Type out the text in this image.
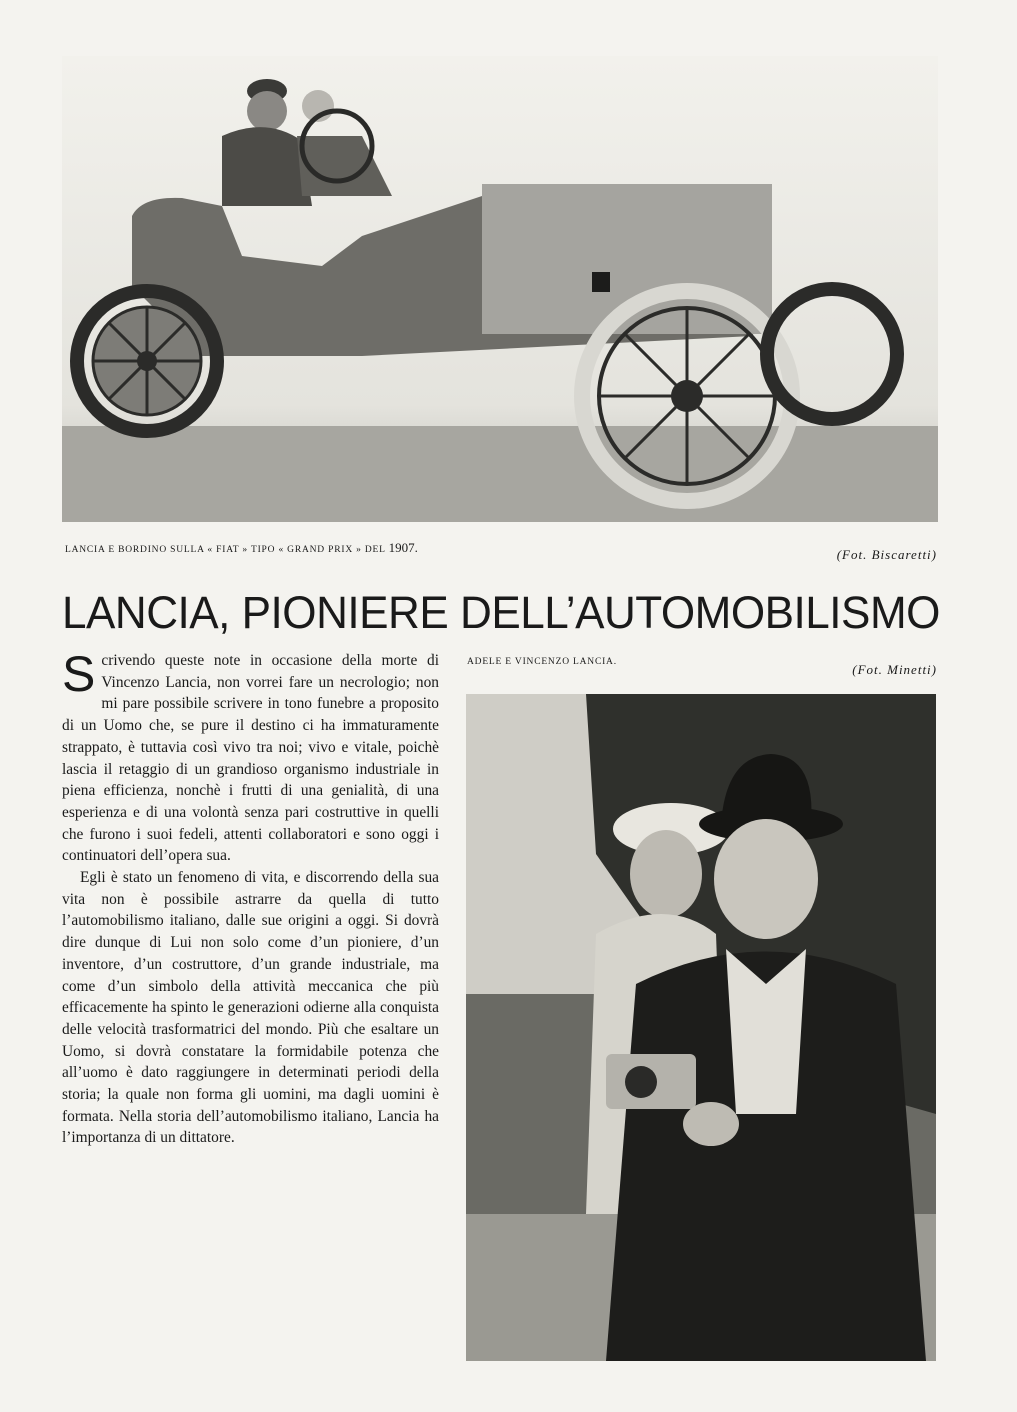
LANCIA E BORDINO SULLA « FIAT » TIPO « GRAND PRIX » DEL 1907.	(Fot. Biscaretti)
LANCIA, PIONIERE DELL’AUTOMOBILISMO

Scrivendo queste note in occasione della morte di Vincenzo Lancia, non vorrei fare un necrologio; non mi pare possibile scrivere in tono funebre a proposito di un Uomo che, se pure il destino ci ha immaturamente strappato, è tuttavia così vivo tra noi; vivo e vitale, poichè lascia il retaggio di un grandioso organismo industriale in piena efficienza, nonchè i frutti di una genialità, di una esperienza e di una volontà senza pari costruttive in quelli che furono i suoi fedeli, attenti collaboratori e sono oggi i continuatori dell’opera sua.

Egli è stato un fenomeno di vita, e discorrendo della sua vita non è possibile astrarre da quella di tutto l’automobilismo italiano, dalle sue origini a oggi. Si dovrà dire dunque di Lui non solo come d’un pioniere, d’un inventore, d’un costruttore, d’un grande industriale, ma come d’un simbolo della attività meccanica che più efficacemente ha spinto le generazioni odierne alla conquista delle velocità trasformatrici del mondo. Più che esaltare un Uomo, si dovrà constatare la formidabile potenza che all’uomo è dato raggiungere in determinati periodi della storia; la quale non forma gli uomini, ma dagli uomini è formata. Nella storia dell’automobilismo italiano, Lancia ha l’importanza di un dittatore.

ADELE E VINCENZO LANCIA.	(Fot. Minetti)
